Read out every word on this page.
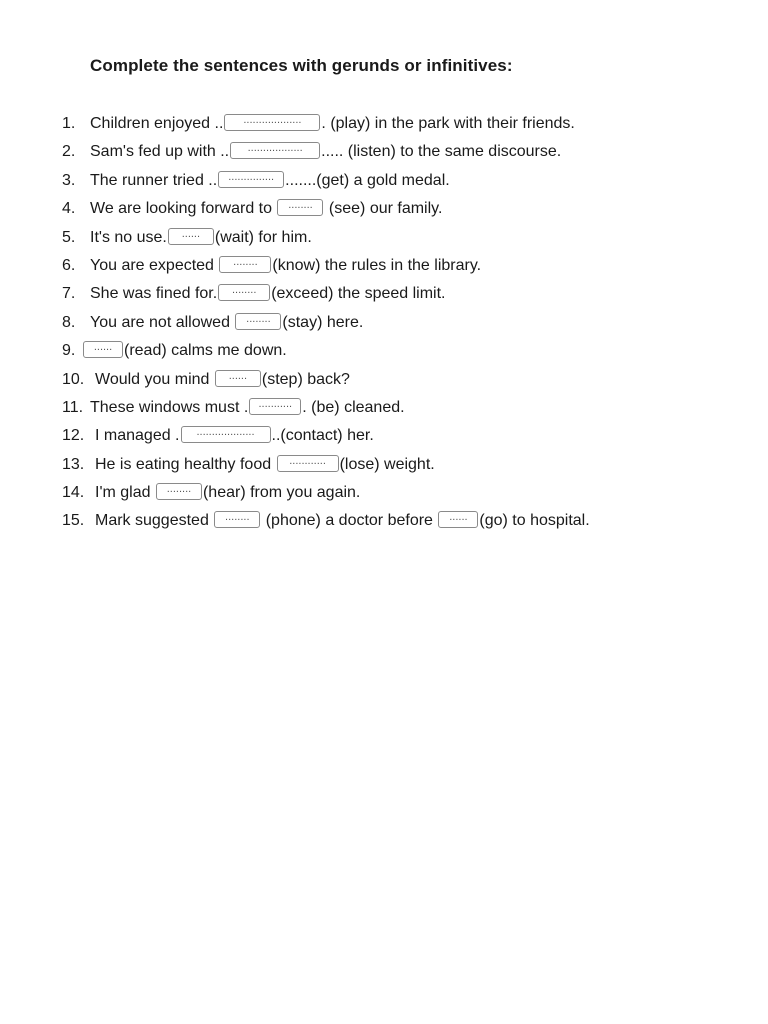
Complete the sentences with gerunds or infinitives:
1. Children enjoyed .. ................... . (play) in the park with their friends.
2. Sam's fed up with .. .................. ..... (listen) to the same discourse.
3. The runner tried .. ............... .......(get) a gold medal.
4. We are looking forward to ........ (see) our family.
5. It's no use. ...... (wait) for him.
6. You are expected ........ (know) the rules in the library.
7. She was fined for. ........ (exceed) the speed limit.
8. You are not allowed ........ (stay) here.
9. ...... (read) calms me down.
10. Would you mind ...... (step) back?
11. These windows must . ........... . (be) cleaned.
12. I managed . ................... ..(contact) her.
13. He is eating healthy food ............ (lose) weight.
14. I'm glad ........ (hear) from you again.
15. Mark suggested ........ (phone) a doctor before ...... (go) to hospital.
